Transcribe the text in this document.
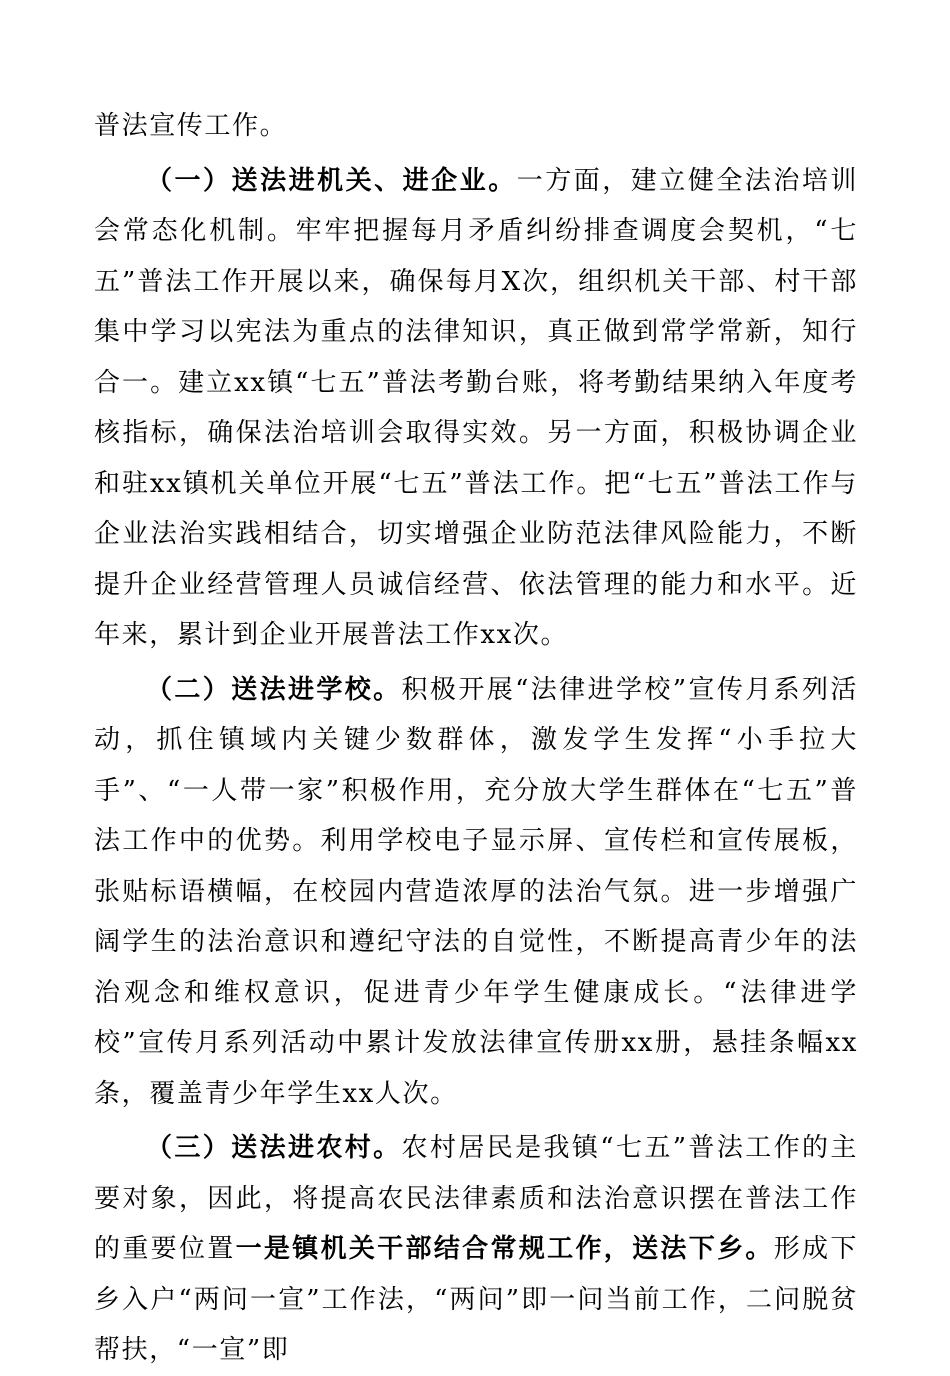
普法宣传工作。

（一）送法进机关、进企业。一方面，建立健全法治培训会常态化机制。牢牢把握每月矛盾纠纷排查调度会契机，“七五”普法工作开展以来，确保每月X次，组织机关干部、村干部集中学习以宪法为重点的法律知识，真正做到常学常新，知行合一。建立xx镇“七五”普法考勤台账，将考勤结果纳入年度考核指标，确保法治培训会取得实效。另一方面，积极协调企业和驻xx镇机关单位开展“七五”普法工作。把“七五”普法工作与企业法治实践相结合，切实增强企业防范法律风险能力，不断提升企业经营管理人员诚信经营、依法管理的能力和水平。近年来，累计到企业开展普法工作xx次。

（二）送法进学校。积极开展“法律进学校”宣传月系列活动，抓住镇域内关键少数群体，激发学生发挥“小手拉大手”、“一人带一家”积极作用，充分放大学生群体在“七五”普法工作中的优势。利用学校电子显示屏、宣传栏和宣传展板，张贴标语横幅，在校园内营造浓厚的法治气氛。进一步增强广阔学生的法治意识和遵纪守法的自觉性，不断提高青少年的法治观念和维权意识，促进青少年学生健康成长。“法律进学校”宣传月系列活动中累计发放法律宣传册xx册，悬挂条幅xx条，覆盖青少年学生xx人次。

（三）送法进农村。农村居民是我镇“七五”普法工作的主要对象，因此，将提高农民法律素质和法治意识摆在普法工作的重要位置一是镇机关干部结合常规工作，送法下乡。形成下乡入户“两问一宣”工作法，“两问”即一问当前工作，二问脱贫帮扶，“一宣”即
